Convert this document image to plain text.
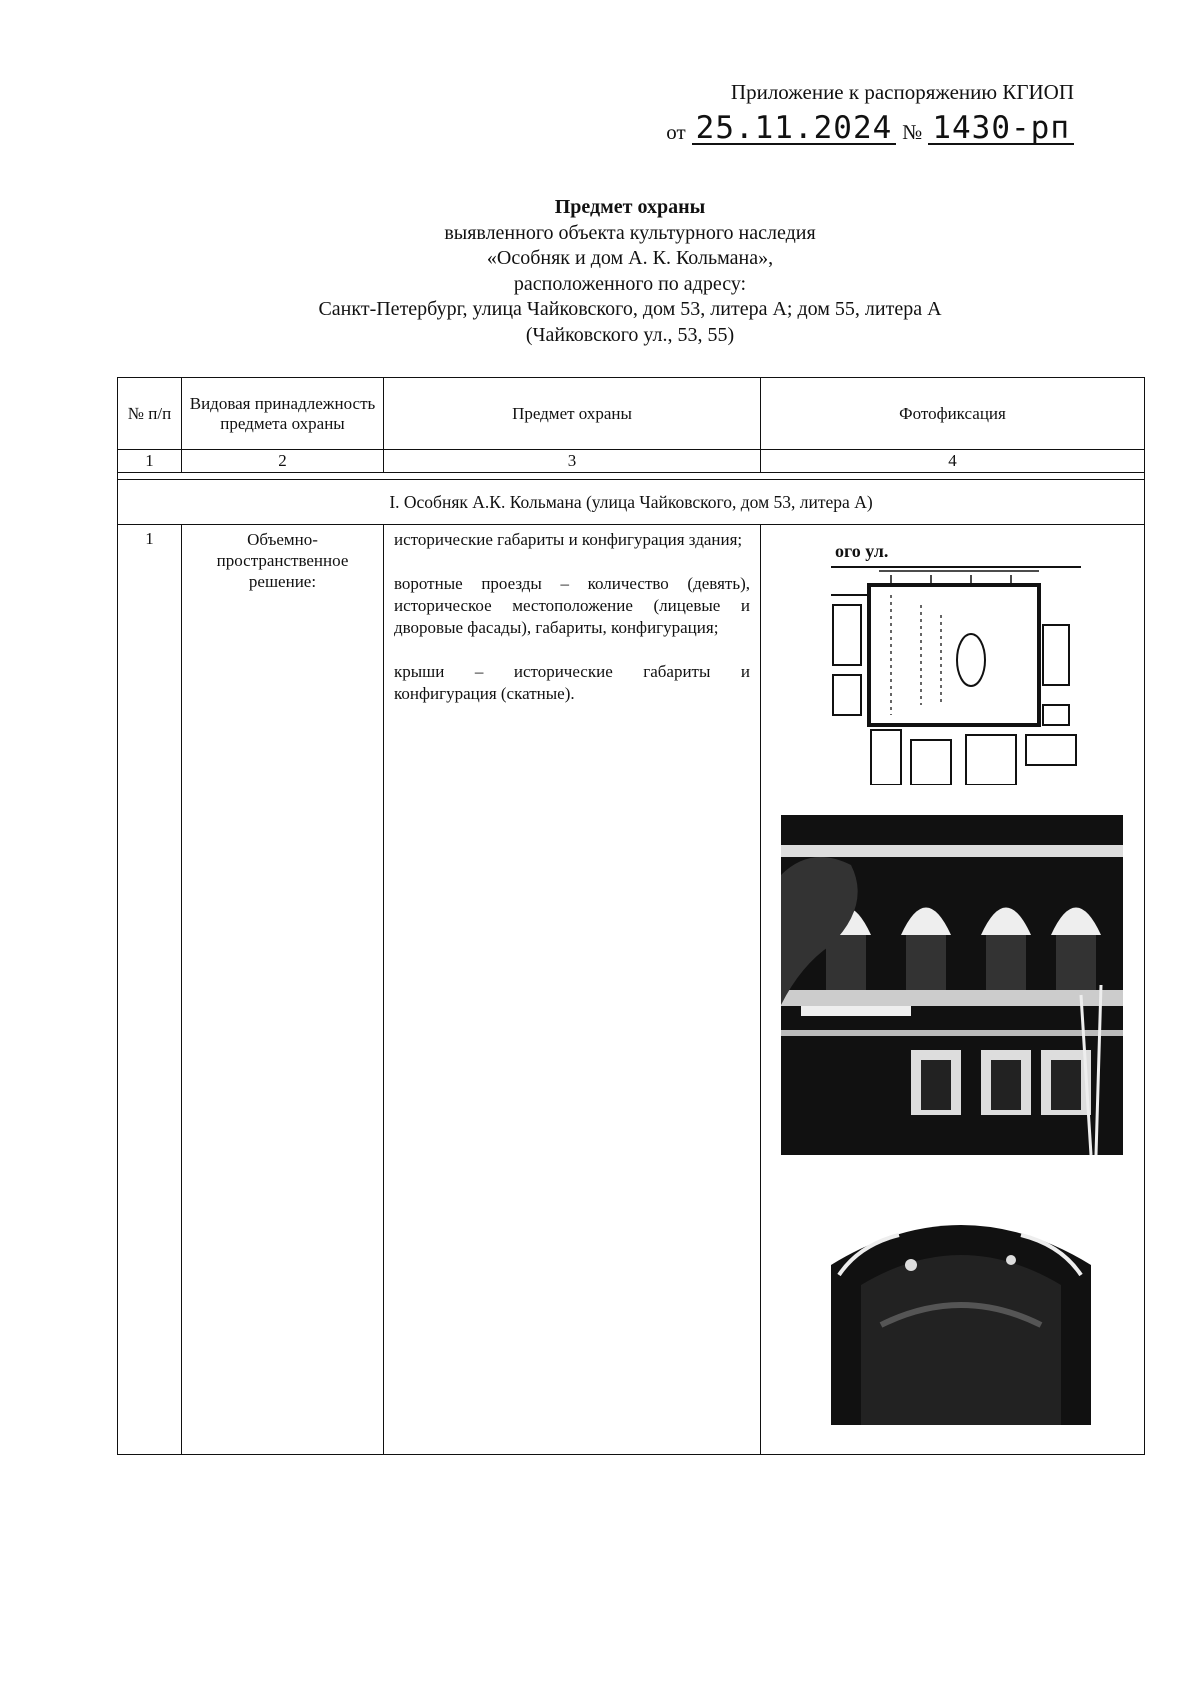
Приложение к распоряжению КГИОП
от 25.11.2024 № 1430-рп
Предмет охраны
выявленного объекта культурного наследия
«Особняк и дом А. К. Кольмана»,
расположенного по адресу:
Санкт-Петербург, улица Чайковского, дом 53, литера А; дом 55, литера А
(Чайковского ул., 53, 55)
№ п/п	Видовая принадлежность предмета охраны	Предмет охраны	Фотофиксация
1	2	3	4

I. Особняк А.К. Кольмана (улица Чайковского, дом 53, литера А)			
1	Объемно-пространственное решение:	исторические габариты и конфигурация здания;

воротные проезды – количество (девять), историческое местоположение (лицевые и дворовые фасады), габариты, конфигурация;

крыши – исторические габариты и конфигурация (скатные).	ого ул.
